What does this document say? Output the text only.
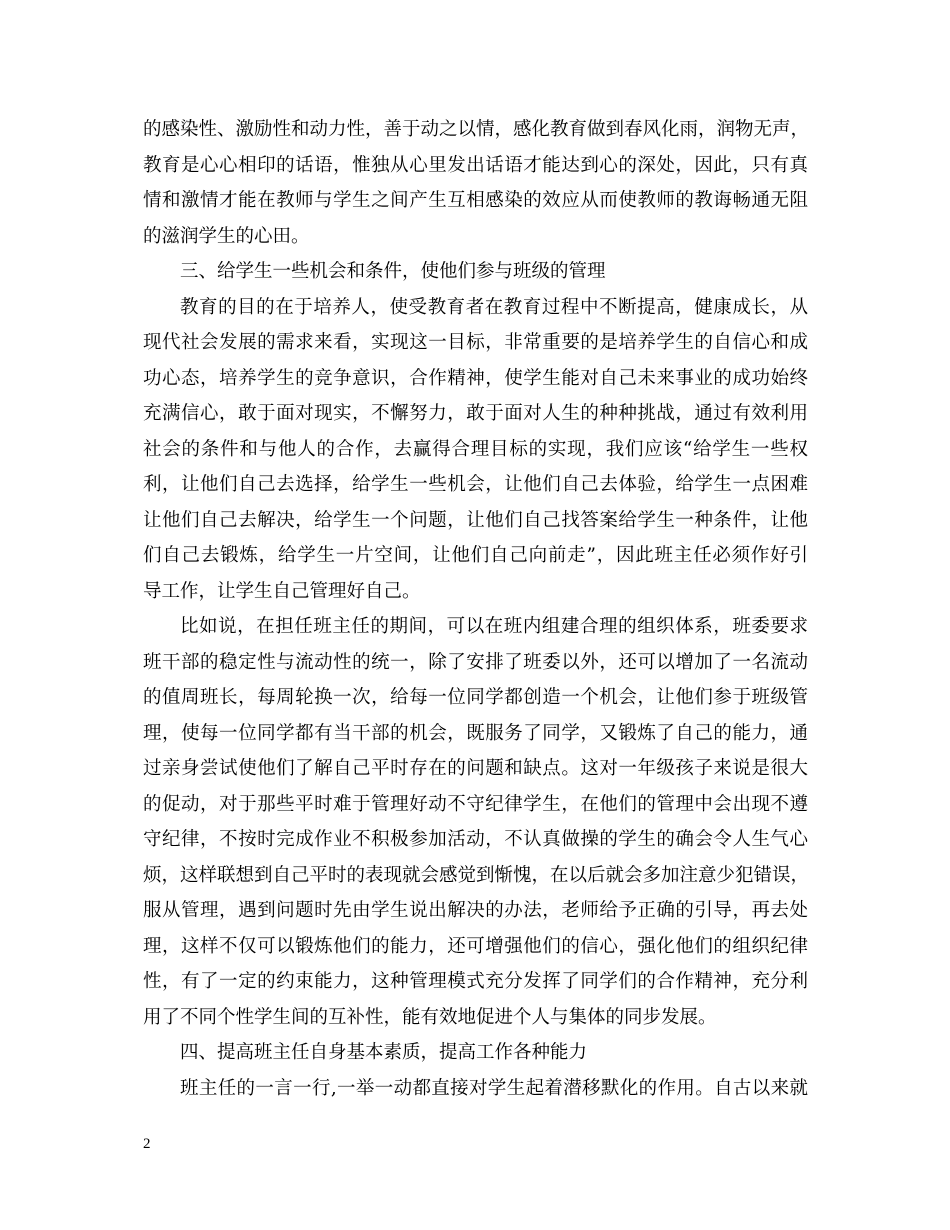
的感染性、激励性和动力性，善于动之以情，感化教育做到春风化雨，润物无声，
教育是心心相印的话语，惟独从心里发出话语才能达到心的深处，因此，只有真
情和激情才能在教师与学生之间产生互相感染的效应从而使教师的教诲畅通无阻
的滋润学生的心田。
三、给学生一些机会和条件，使他们参与班级的管理
教育的目的在于培养人，使受教育者在教育过程中不断提高，健康成长，从
现代社会发展的需求来看，实现这一目标，非常重要的是培养学生的自信心和成
功心态，培养学生的竞争意识，合作精神，使学生能对自己未来事业的成功始终
充满信心，敢于面对现实，不懈努力，敢于面对人生的种种挑战，通过有效利用
社会的条件和与他人的合作，去赢得合理目标的实现，我们应该“给学生一些权
利，让他们自己去选择，给学生一些机会，让他们自己去体验，给学生一点困难
让他们自己去解决，给学生一个问题，让他们自己找答案给学生一种条件，让他
们自己去锻炼，给学生一片空间，让他们自己向前走”，因此班主任必须作好引
导工作，让学生自己管理好自己。
比如说，在担任班主任的期间，可以在班内组建合理的组织体系，班委要求
班干部的稳定性与流动性的统一，除了安排了班委以外，还可以增加了一名流动
的值周班长，每周轮换一次，给每一位同学都创造一个机会，让他们参于班级管
理，使每一位同学都有当干部的机会，既服务了同学，又锻炼了自己的能力，通
过亲身尝试使他们了解自己平时存在的问题和缺点。这对一年级孩子来说是很大
的促动，对于那些平时难于管理好动不守纪律学生，在他们的管理中会出现不遵
守纪律，不按时完成作业不积极参加活动，不认真做操的学生的确会令人生气心
烦，这样联想到自己平时的表现就会感觉到惭愧，在以后就会多加注意少犯错误，
服从管理，遇到问题时先由学生说出解决的办法，老师给予正确的引导，再去处
理，这样不仅可以锻炼他们的能力，还可增强他们的信心，强化他们的组织纪律
性，有了一定的约束能力，这种管理模式充分发挥了同学们的合作精神，充分利
用了不同个性学生间的互补性，能有效地促进个人与集体的同步发展。
四、提高班主任自身基本素质，提高工作各种能力
班主任的一言一行,一举一动都直接对学生起着潜移默化的作用。自古以来就
2
